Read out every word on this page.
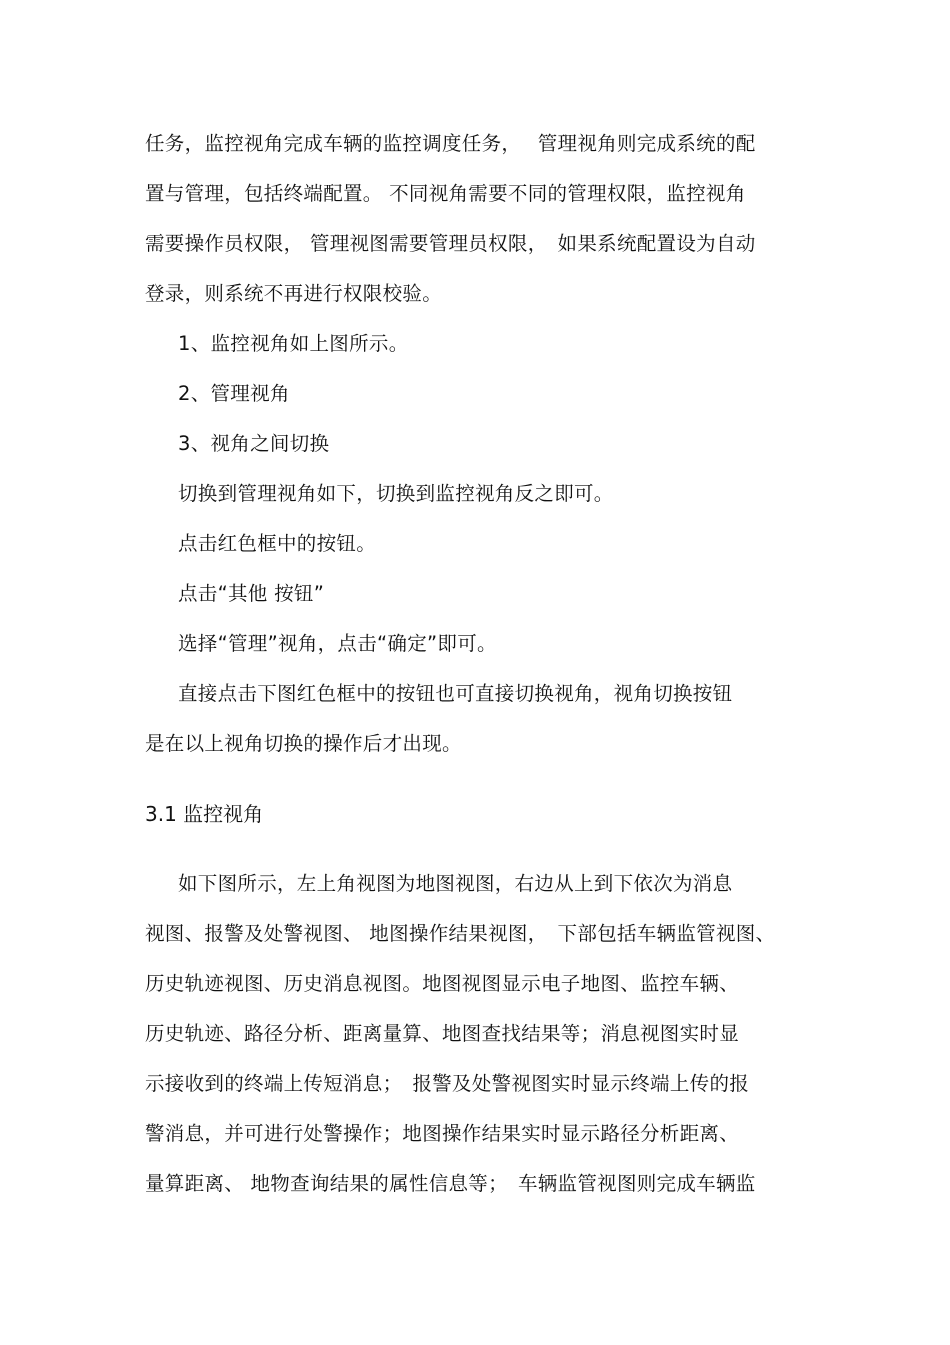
任务，监控视角完成车辆的监控调度任务，　 管理视角则完成系统的配
置与管理，包括终端配置。 不同视角需要不同的管理权限，监控视角
需要操作员权限， 管理视图需要管理员权限，　如果系统配置设为自动
登录，则系统不再进行权限校验。
1、监控视角如上图所示。
2、管理视角
3、视角之间切换
切换到管理视角如下，切换到监控视角反之即可。
点击红色框中的按钮。
点击“其他 按钮”
选择“管理”视角，点击“确定”即可。
直接点击下图红色框中的按钮也可直接切换视角，视角切换按钮
是在以上视角切换的操作后才出现。
3.1 监控视角
如下图所示，左上角视图为地图视图，右边从上到下依次为消息
视图、报警及处警视图、 地图操作结果视图，　下部包括车辆监管视图、
历史轨迹视图、历史消息视图。地图视图显示电子地图、监控车辆、
历史轨迹、路径分析、距离量算、地图查找结果等；消息视图实时显
示接收到的终端上传短消息；　报警及处警视图实时显示终端上传的报
警消息，并可进行处警操作；地图操作结果实时显示路径分析距离、
量算距离、 地物查询结果的属性信息等；　车辆监管视图则完成车辆监
